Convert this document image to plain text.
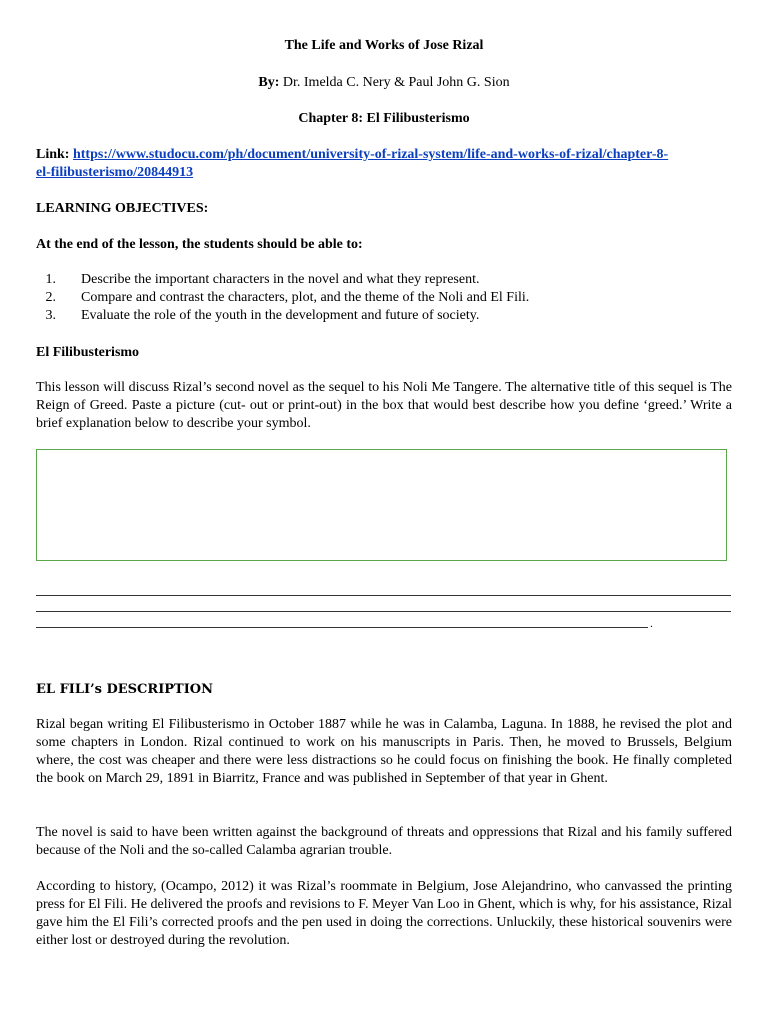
The Life and Works of Jose Rizal
By: Dr. Imelda C. Nery & Paul John G. Sion
Chapter 8: El Filibusterismo
Link: https://www.studocu.com/ph/document/university-of-rizal-system/life-and-works-of-rizal/chapter-8-
el-filibusterismo/20844913
LEARNING OBJECTIVES:
At the end of the lesson, the students should be able to:
1. Describe the important characters in the novel and what they represent.
2. Compare and contrast the characters, plot, and the theme of the Noli and El Fili.
3. Evaluate the role of the youth in the development and future of society.
El Filibusterismo
This lesson will discuss Rizal’s second novel as the sequel to his Noli Me Tangere. The alternative title of this sequel is The Reign of Greed. Paste a picture (cut- out or print-out) in the box that would best describe how you define ‘greed.’ Write a brief explanation below to describe your symbol.
.
EL FILI’s DESCRIPTION
Rizal began writing El Filibusterismo in October 1887 while he was in Calamba, Laguna. In 1888, he revised the plot and some chapters in London. Rizal continued to work on his manuscripts in Paris. Then, he moved to Brussels, Belgium where, the cost was cheaper and there were less distractions so he could focus on finishing the book. He finally completed the book on March 29, 1891 in Biarritz, France and was published in September of that year in Ghent.
The novel is said to have been written against the background of threats and oppressions that Rizal and his family suffered because of the Noli and the so-called Calamba agrarian trouble.
According to history, (Ocampo, 2012) it was Rizal’s roommate in Belgium, Jose Alejandrino, who canvassed the printing press for El Fili. He delivered the proofs and revisions to F. Meyer Van Loo in Ghent, which is why, for his assistance, Rizal gave him the El Fili’s corrected proofs and the pen used in doing the corrections. Unluckily, these historical souvenirs were either lost or destroyed during the revolution.
